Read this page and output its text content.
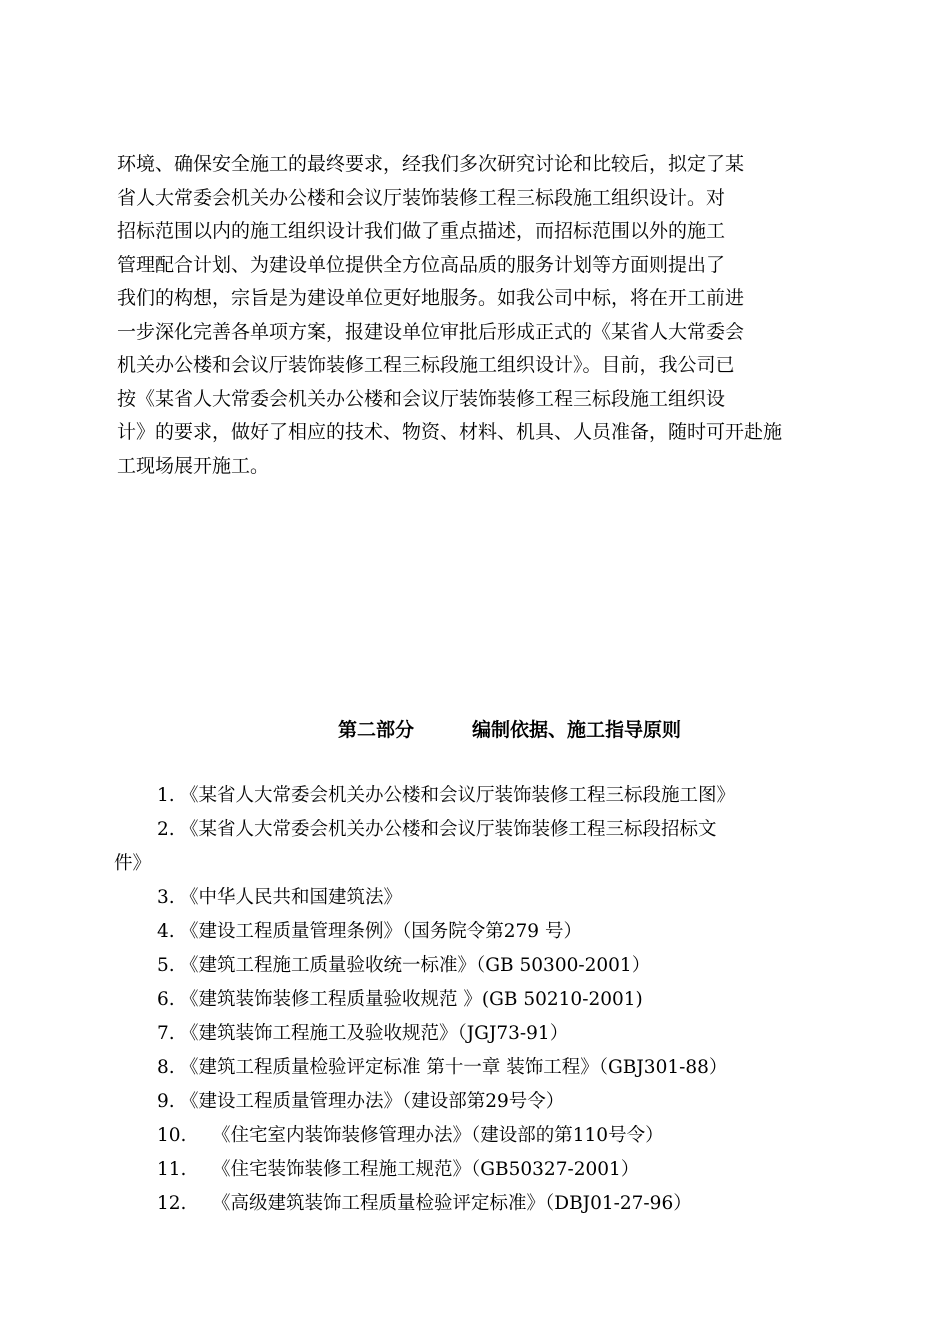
环境、确保安全施工的最终要求，经我们多次研究讨论和比较后，拟定了某
省人大常委会机关办公楼和会议厅装饰装修工程三标段施工组织设计。对
招标范围以内的施工组织设计我们做了重点描述，而招标范围以外的施工
管理配合计划、为建设单位提供全方位高品质的服务计划等方面则提出了
我们的构想，宗旨是为建设单位更好地服务。如我公司中标，将在开工前进
一步深化完善各单项方案，报建设单位审批后形成正式的《某省人大常委会
机关办公楼和会议厅装饰装修工程三标段施工组织设计》。目前，我公司已
按《某省人大常委会机关办公楼和会议厅装饰装修工程三标段施工组织设
计》的要求，做好了相应的技术、物资、材料、机具、人员准备，随时可开赴施
工现场展开施工。
第二部分	编制依据、施工指导原则
1. 《某省人大常委会机关办公楼和会议厅装饰装修工程三标段施工图》
2. 《某省人大常委会机关办公楼和会议厅装饰装修工程三标段招标文
件》
3. 《中华人民共和国建筑法》
4. 《建设工程质量管理条例》（国务院令第279 号）
5. 《建筑工程施工质量验收统一标准》（GB 50300-2001）
6. 《建筑装饰装修工程质量验收规范 》(GB 50210-2001)
7. 《建筑装饰工程施工及验收规范》（JGJ73-91）
8. 《建筑工程质量检验评定标准 第十一章 装饰工程》（GBJ301-88）
9. 《建设工程质量管理办法》（建设部第29号令）
10. 《住宅室内装饰装修管理办法》（建设部的第110号令）
11. 《住宅装饰装修工程施工规范》（GB50327-2001）
12. 《高级建筑装饰工程质量检验评定标准》（DBJ01-27-96）
